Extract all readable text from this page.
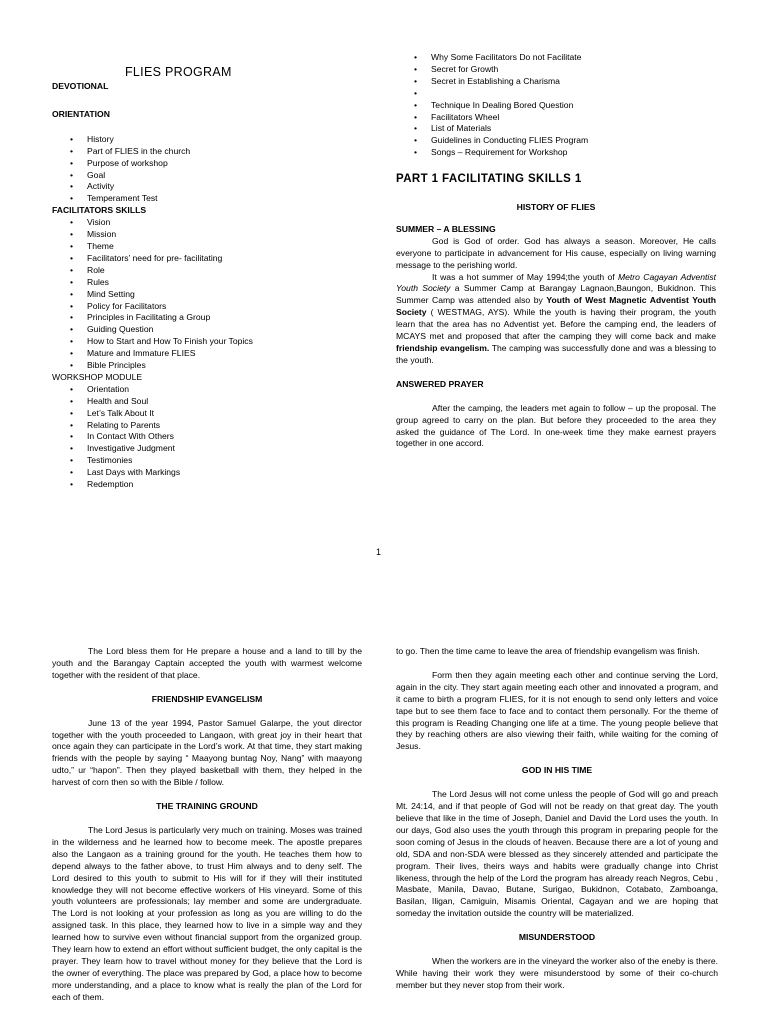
FLIES PROGRAM
DEVOTIONAL
ORIENTATION
• History
• Part of FLIES in the church
• Purpose of workshop
• Goal
• Activity
• Temperament Test
FACILITATORS SKILLS
• Vision
• Mission
• Theme
• Facilitators’ need for pre- facilitating
• Role
• Rules
• Mind Setting
• Policy for Facilitators
• Principles in Facilitating a Group
• Guiding Question
• How to Start and How To Finish your Topics
• Mature and Immature FLIES
• Bible Principles
WORKSHOP MODULE
• Orientation
• Health and Soul
• Let’s Talk About It
• Relating to Parents
• In Contact With Others
• Investigative Judgment
• Testimonies
• Last Days with Markings
• Redemption
• Why Some Facilitators Do not Facilitate
• Secret for Growth
• Secret in Establishing a Charisma
•
• Technique In Dealing Bored Question
• Facilitators Wheel
• List of Materials
• Guidelines in Conducting FLIES Program
• Songs – Requirement for Workshop
PART 1 FACILITATING SKILLS 1

HISTORY OF FLIES

SUMMER – A BLESSING

God is God of order. God has always a season. Moreover, He calls everyone to participate in advancement for His cause, especially on living warning message to the perishing world.

It was a hot summer of May 1994;the youth of Metro Cagayan Adventist Youth Society a Summer Camp at Barangay Lagnaon,Baungon, Bukidnon. This Summer Camp was attended also by Youth of West Magnetic Adventist Youth Society ( WESTMAG, AYS). While the youth is having their program, the youth learn that the area has no Adventist yet. Before the camping end, the leaders of MCAYS met and proposed that after the camping they will come back and make friendship evangelism. The camping was successfully done and was a blessing to the youth.

ANSWERED PRAYER

After the camping, the leaders met again to follow – up the proposal. The group agreed to carry on the plan. But before they proceeded to the area they asked the guidance of The Lord. In one-week time they make earnest prayers together in one accord.

1

The Lord bless them for He prepare a house and a land to till by the youth and the Barangay Captain accepted the youth with warmest welcome together with the resident of that place.

FRIENDSHIP EVANGELISM

June 13 of the year 1994, Pastor Samuel Galarpe, the yout director together with the youth proceeded to Langaon, with great joy in their heart that once again they can participate in the Lord’s work. At that time, they start making friends with the people by saying “ Maayong buntag Noy, Nang” with maayong udto,” ur “hapon”. Then they played basketball with them, they helped in the harvest of corn then so with the Bible / follow.

THE TRAINING GROUND

The Lord Jesus is particularly very much on training. Moses was trained in the wilderness and he learned how to become meek. The apostle prepares also the Langaon as a training ground for the youth. He teaches them how to depend always to the father above, to trust Him always and to deny self. The Lord desired to this youth to submit to His will for if they will their instituted knowledge they will not become effective workers of His vineyard. Some of this youth volunteers are professionals; lay member and some are undergraduate. The Lord is not looking at your profession as long as you are willing to do the assigned task. In this place, they learned how to live in a simple way and they learned how to survive even without financial support from the organized group. They learn how to extend an effort without sufficient budget, the only capital is the prayer. They learn how to travel without money for they believe that the Lord is the owner of everything. The place was prepared by God, a place how to become more understanding, and a place to know what is really the plan of the Lord for each of them.

to go. Then the time came to leave the area of friendship evangelism was finish.

Form then they again meeting each other and continue serving the Lord, again in the city. They start again meeting each other and innovated a program, and it came to birth a program FLIES, for it is not enough to send only letters and voice tape but to see them face to face and to contact them personally. For the theme of this program is Reading Changing one life at a time. The young people believe that they by reaching others are also viewing their faith, while waiting for the coming of Jesus.

GOD IN HIS TIME

The Lord Jesus will not come unless the people of God will go and preach Mt. 24:14, and if that people of God will not be ready on that great day. The youth believe that like in the time of Joseph, Daniel and David the Lord uses the youth. In our days, God also uses the youth through this program in preparing people for the soon coming of Jesus in the clouds of heaven. Because there are a lot of young and old, SDA and non-SDA were blessed as they sincerely attended and participate the program. Their lives, theirs ways and habits were gradually change into Christ likeness, through the help of the Lord the program has already reach Negros, Cebu , Masbate, Manila, Davao, Butane, Surigao, Bukidnon, Cotabato, Zamboanga, Basilan, Iligan, Camiguin, Misamis Oriental, Cagayan and we are hoping that someday the invitation outside the country will be materialized.

MISUNDERSTOOD

When the workers are in the vineyard the worker also of the eneby is there. While having their work they were misunderstood by some of their co-church member but they never stop from their work.
